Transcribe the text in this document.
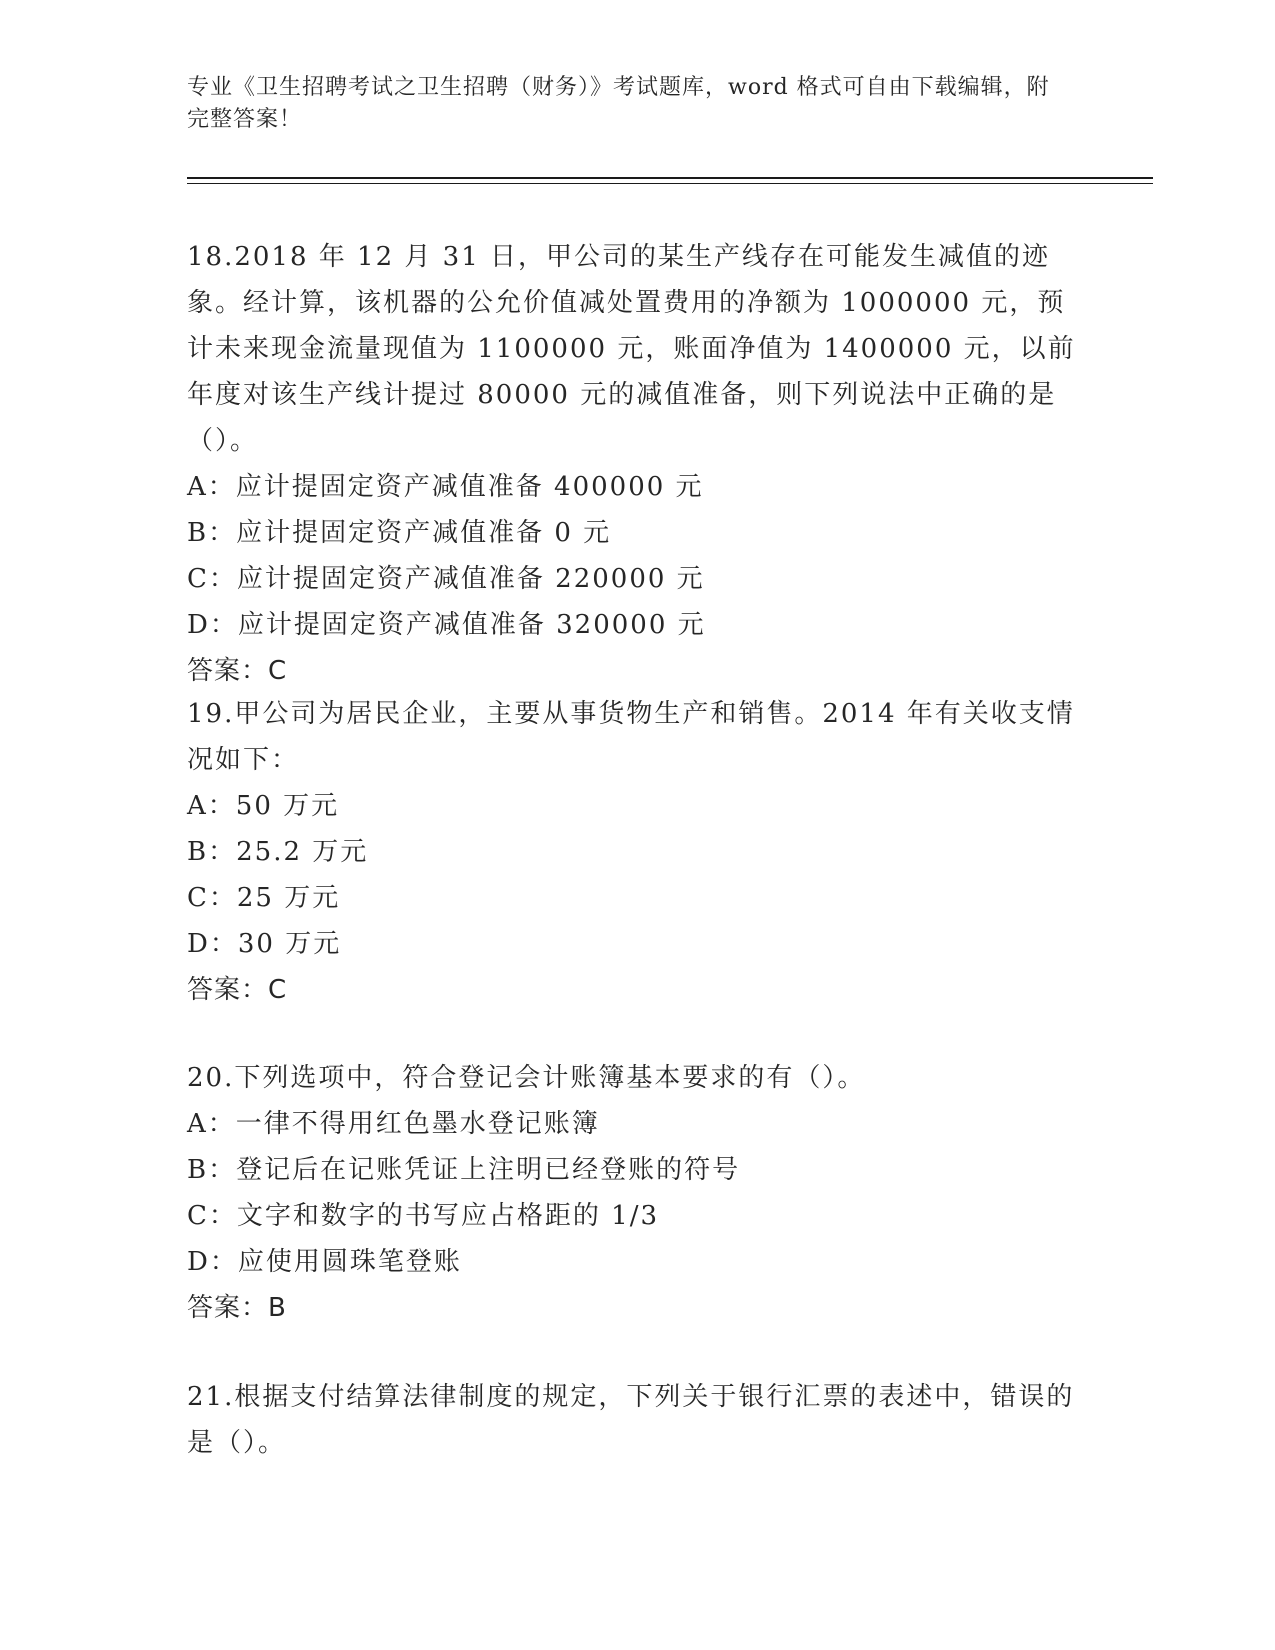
专业《卫生招聘考试之卫生招聘（财务）》考试题库，word 格式可自由下载编辑，附完整答案！
18.2018 年 12 月 31 日，甲公司的某生产线存在可能发生减值的迹象。经计算，该机器的公允价值减处置费用的净额为 1000000 元，预计未来现金流量现值为 1100000 元，账面净值为 1400000 元，以前年度对该生产线计提过 80000 元的减值准备，则下列说法中正确的是（）。
A：应计提固定资产减值准备 400000 元
B：应计提固定资产减值准备 0 元
C：应计提固定资产减值准备 220000 元
D：应计提固定资产减值准备 320000 元
答案：C
19.甲公司为居民企业，主要从事货物生产和销售。2014 年有关收支情况如下：
A：50 万元
B：25.2 万元
C：25 万元
D：30 万元
答案：C
20.下列选项中，符合登记会计账簿基本要求的有（）。
A：一律不得用红色墨水登记账簿
B：登记后在记账凭证上注明已经登账的符号
C：文字和数字的书写应占格距的 1/3
D：应使用圆珠笔登账
答案：B
21.根据支付结算法律制度的规定，下列关于银行汇票的表述中，错误的是（）。
